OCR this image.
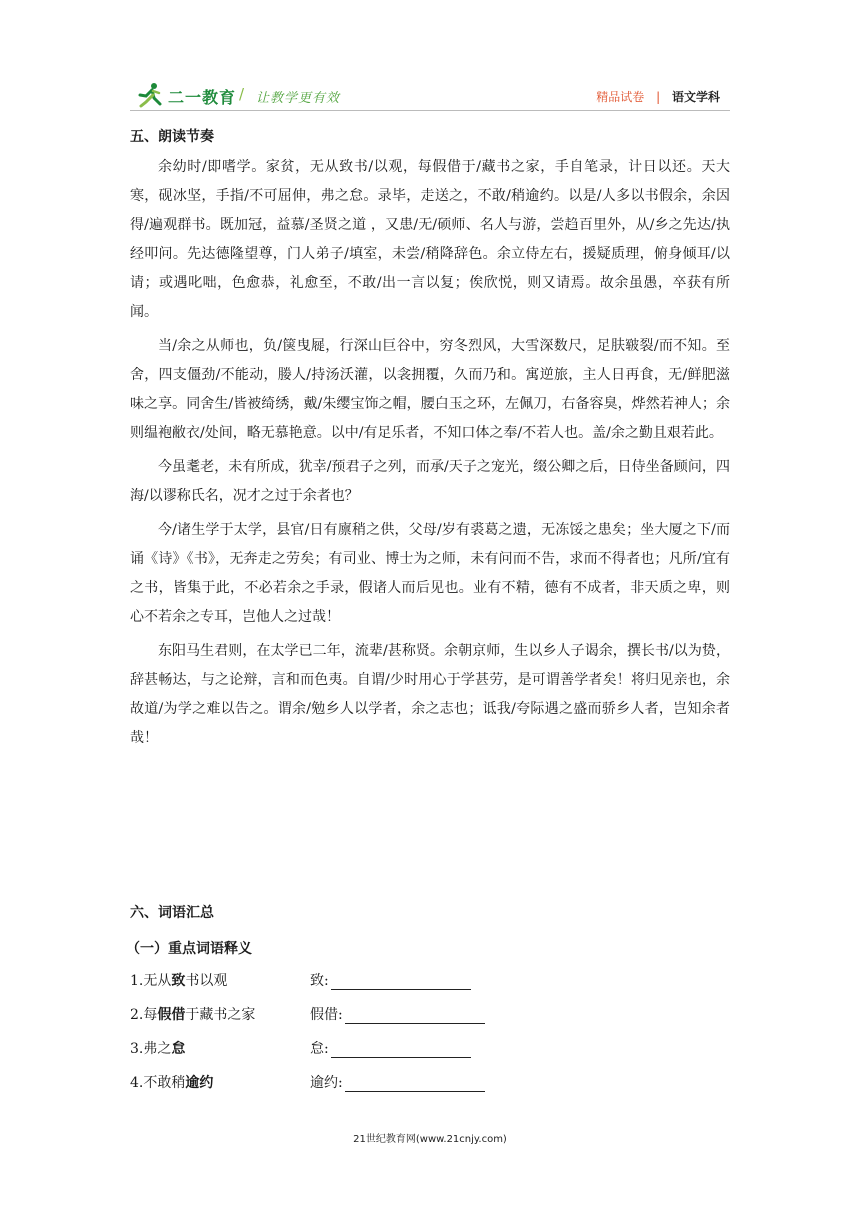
二一教育 / 让教学更有效	精品试卷 | 语文学科
五、朗读节奏

余幼时/即嗜学。家贫，无从致书/以观，每假借于/藏书之家，手自笔录，计日以还。天大寒，砚冰坚，手指/不可屈伸，弗之怠。录毕，走送之，不敢/稍逾约。以是/人多以书假余，余因得/遍观群书。既加冠，益慕/圣贤之道 ，又患/无/硕师、名人与游，尝趋百里外，从/乡之先达/执经叩问。先达德隆望尊，门人弟子/填室，未尝/稍降辞色。余立侍左右，援疑质理，俯身倾耳/以请；或遇叱咄，色愈恭，礼愈至，不敢/出一言以复；俟欣悦，则又请焉。故余虽愚，卒获有所闻。

当/余之从师也，负/箧曳屣，行深山巨谷中，穷冬烈风，大雪深数尺，足肤皲裂/而不知。至舍，四支僵劲/不能动，媵人/持汤沃灌，以衾拥覆，久而乃和。寓逆旅，主人日再食，无/鲜肥滋味之享。同舍生/皆被绮绣，戴/朱缨宝饰之帽，腰白玉之环，左佩刀，右备容臭，烨然若神人；余则缊袍敝衣/处间，略无慕艳意。以中/有足乐者，不知口体之奉/不若人也。盖/余之勤且艰若此。

今虽耄老，未有所成，犹幸/预君子之列，而承/天子之宠光，缀公卿之后，日侍坐备顾问，四海/以谬称氏名，况才之过于余者也？

今/诸生学于太学，县官/日有廪稍之供，父母/岁有裘葛之遗，无冻馁之患矣；坐大厦之下/而诵《诗》《书》，无奔走之劳矣；有司业、博士为之师，未有问而不告，求而不得者也；凡所/宜有之书，皆集于此，不必若余之手录，假诸人而后见也。业有不精，德有不成者，非天质之卑，则心不若余之专耳，岂他人之过哉！

东阳马生君则，在太学已二年，流辈/甚称贤。余朝京师，生以乡人子谒余，撰长书/以为贽，辞甚畅达，与之论辩，言和而色夷。自谓/少时用心于学甚劳，是可谓善学者矣！将归见亲也，余故道/为学之难以告之。谓余/勉乡人以学者，余之志也；诋我/夸际遇之盛而骄乡人者，岂知余者哉！

六、词语汇总
（一）重点词语释义
1.无从致书以观	致:
2.每假借于藏书之家	假借:
3.弗之怠	怠:
4.不敢稍逾约	逾约:
21世纪教育网(www.21cnjy.com)
